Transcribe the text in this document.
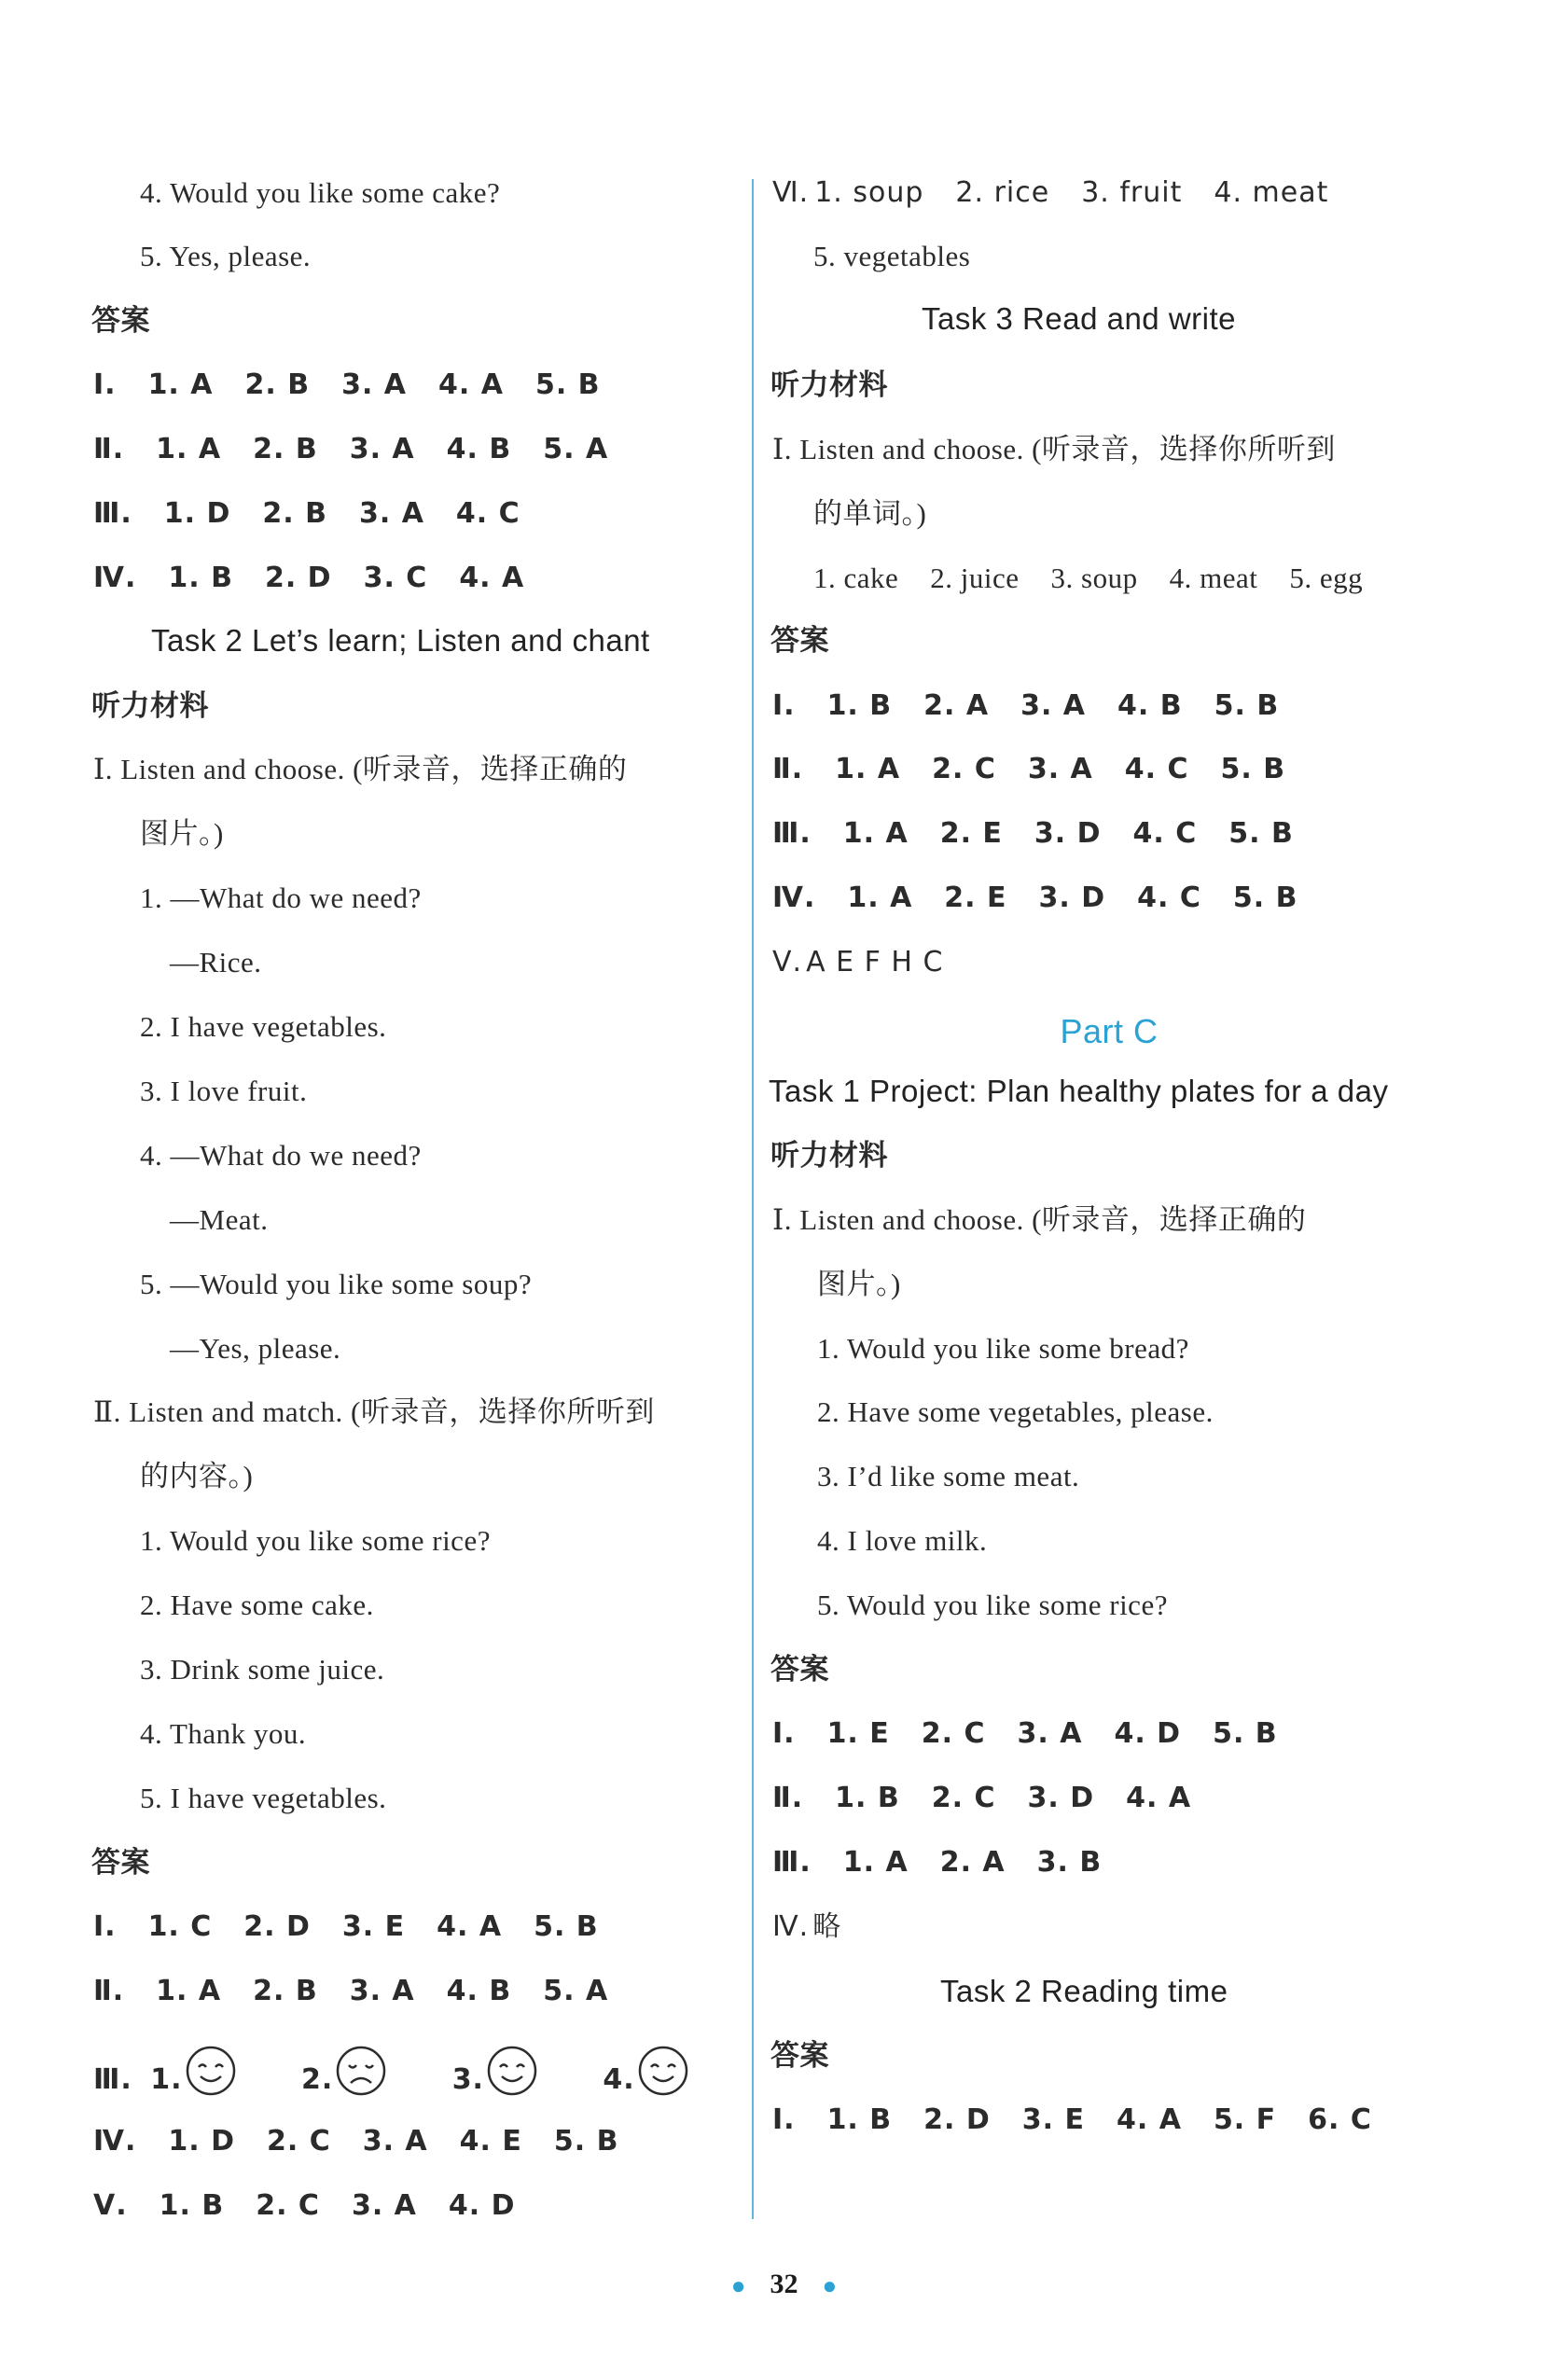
4. Would you like some cake?
5. Yes, please.
答案
Ⅰ. 1. A 2. B 3. A 4. A 5. B
Ⅱ. 1. A 2. B 3. A 4. B 5. A
Ⅲ. 1. D 2. B 3. A 4. C
Ⅳ. 1. B 2. D 3. C 4. A
Task 2 Let’s learn; Listen and chant
听力材料
Ⅰ. Listen and choose. (听录音，选择正确的
图片。)
1. —What do we need?
—Rice.
2. I have vegetables.
3. I love fruit.
4. —What do we need?
—Meat.
5. —Would you like some soup?
—Yes, please.
Ⅱ. Listen and match. (听录音，选择你所听到
的内容。)
1. Would you like some rice?
2. Have some cake.
3. Drink some juice.
4. Thank you.
5. I have vegetables.
答案
Ⅰ. 1. C 2. D 3. E 4. A 5. B
Ⅱ. 1. A 2. B 3. A 4. B 5. A
Ⅲ. 1.	2.	3.	4.
Ⅳ. 1. D 2. C 3. A 4. E 5. B
Ⅴ. 1. B 2. C 3. A 4. D
Ⅵ. 1. soup 2. rice 3. fruit 4. meat
5. vegetables
Task 3 Read and write
听力材料
Ⅰ. Listen and choose. (听录音，选择你所听到
的单词。)
1. cake 2. juice 3. soup 4. meat 5. egg
答案
Ⅰ. 1. B 2. A 3. A 4. B 5. B
Ⅱ. 1. A 2. C 3. A 4. C 5. B
Ⅲ. 1. A 2. E 3. D 4. C 5. B
Ⅳ. 1. A 2. E 3. D 4. C 5. B
Ⅴ. A E F H C
Part C
Task 1 Project: Plan healthy plates for a day
听力材料
Ⅰ. Listen and choose. (听录音，选择正确的
图片。)
1. Would you like some bread?
2. Have some vegetables, please.
3. I’d like some meat.
4. I love milk.
5. Would you like some rice?
答案
Ⅰ. 1. E 2. C 3. A 4. D 5. B
Ⅱ. 1. B 2. C 3. D 4. A
Ⅲ. 1. A 2. A 3. B
Ⅳ. 略
Task 2 Reading time
答案
Ⅰ. 1. B 2. D 3. E 4. A 5. F 6. C
● 32 ●
